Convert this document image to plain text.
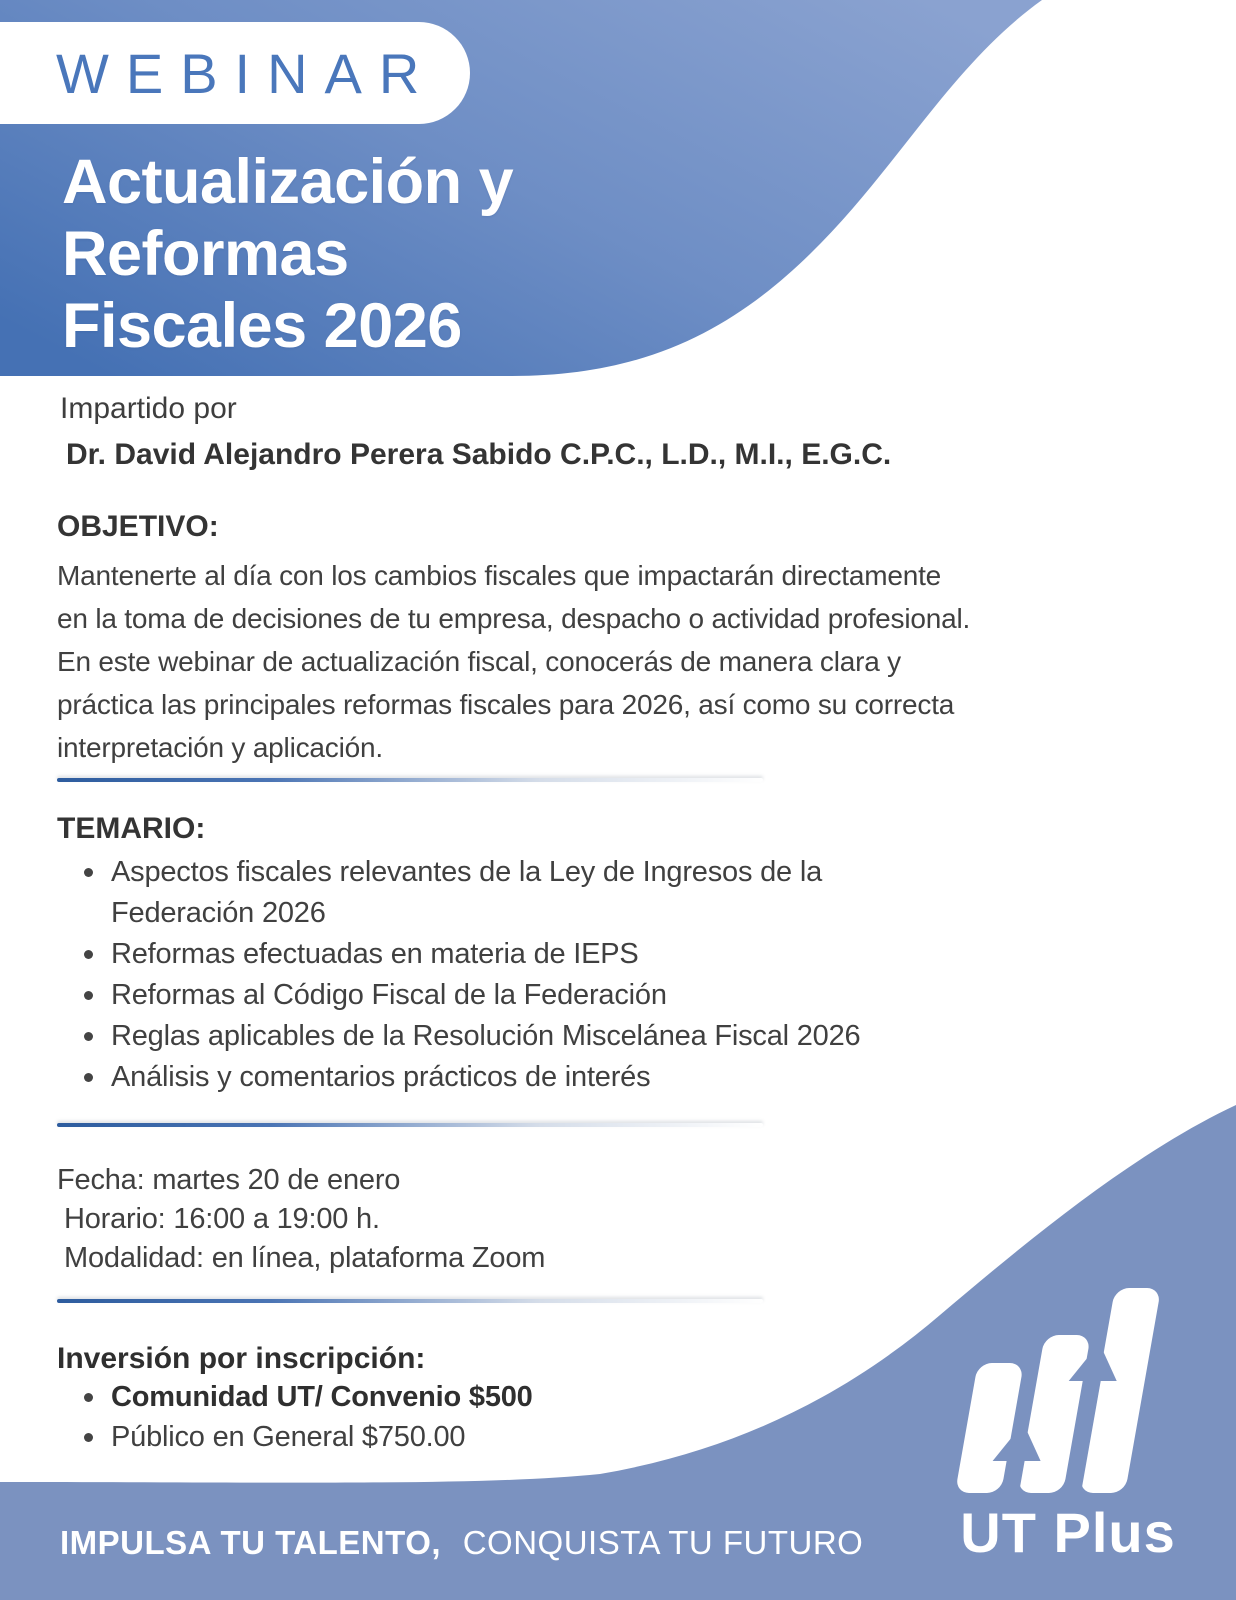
WEBINAR
Actualización y
Reformas
Fiscales 2026
Impartido por
Dr. David Alejandro Perera Sabido C.P.C., L.D., M.I., E.G.C.
OBJETIVO:
Mantenerte al día con los cambios fiscales que impactarán directamente
en la toma de decisiones de tu empresa, despacho o actividad profesional.
En este webinar de actualización fiscal, conocerás de manera clara y
práctica las principales reformas fiscales para 2026, así como su correcta
interpretación y aplicación.
TEMARIO:
Aspectos fiscales relevantes de la Ley de Ingresos de la Federación 2026
Reformas efectuadas en materia de IEPS
Reformas al Código Fiscal de la Federación
Reglas aplicables de la Resolución Miscelánea Fiscal 2026
Análisis y comentarios prácticos de interés
Fecha: martes 20 de enero
Horario: 16:00 a 19:00 h.
Modalidad: en línea, plataforma Zoom
Inversión por inscripción:
Comunidad UT/ Convenio $500
Público en General $750.00
UT Plus
IMPULSA TU TALENTO, CONQUISTA TU FUTURO
